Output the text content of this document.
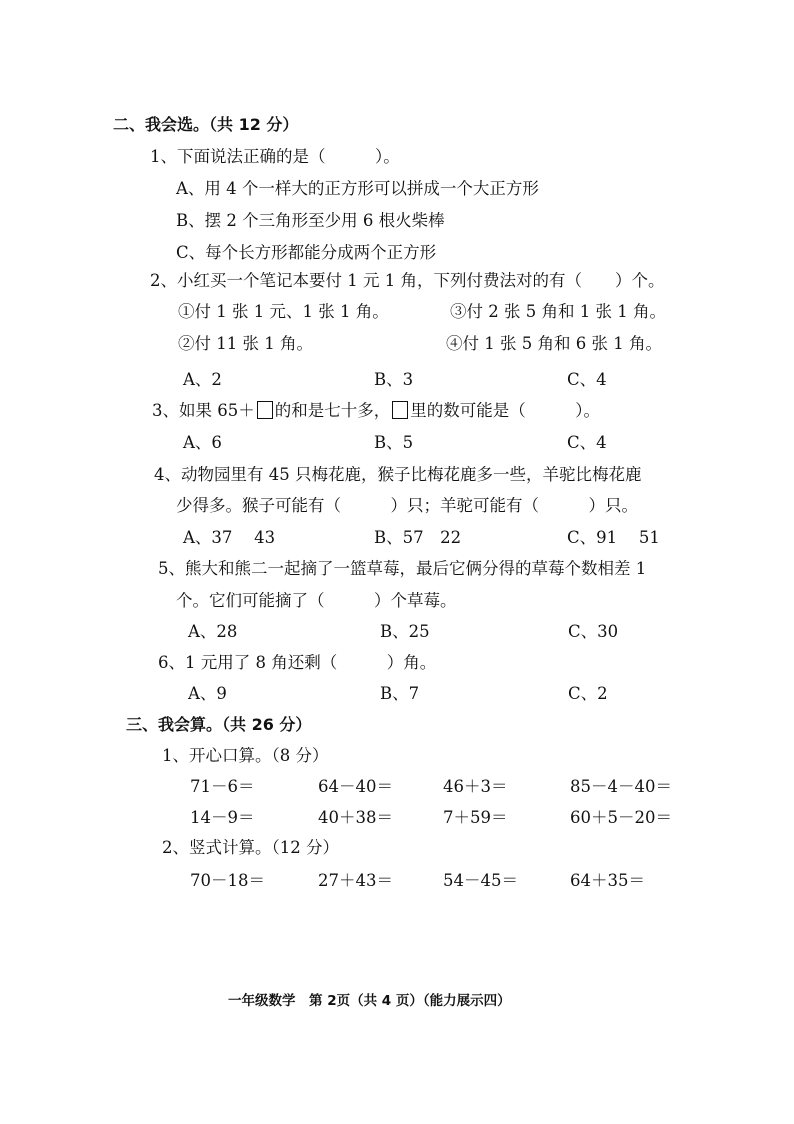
二、我会选。（共 12 分）
1、下面说法正确的是（　　　）。
A、用 4 个一样大的正方形可以拼成一个大正方形
B、摆 2 个三角形至少用 6 根火柴棒
C、每个长方形都能分成两个正方形
2、小红买一个笔记本要付 1 元 1 角，下列付费法对的有（　　）个。
①付 1 张 1 元、1 张 1 角。	③付 2 张 5 角和 1 张 1 角。
②付 11 张 1 角。	④付 1 张 5 角和 6 张 1 角。
A、2	B、3	C、4
3、如果 65＋ 的和是七十多， 里的数可能是（　　　）。
A、6	B、5	C、4
4、动物园里有 45 只梅花鹿，猴子比梅花鹿多一些，羊驼比梅花鹿
少得多。猴子可能有（　　　）只；羊驼可能有（　　　）只。
A、37　 43	B、57　22	C、91　 51
5、熊大和熊二一起摘了一篮草莓，最后它俩分得的草莓个数相差 1
个。它们可能摘了（　　　）个草莓。
A、28	B、25	C、30
6、1 元用了 8 角还剩（　　　）角。
A、9	B、7	C、2
三、我会算。（共 26 分）
1、开心口算。（8 分）
71－6＝	64－40＝	46＋3＝	85－4－40＝
14－9＝	40＋38＝	7＋59＝	60＋5－20＝
2、竖式计算。（12 分）
70－18＝	27＋43＝	54－45＝	64＋35＝
一年级数学　第 2页（共 4 页）（能力展示四）
